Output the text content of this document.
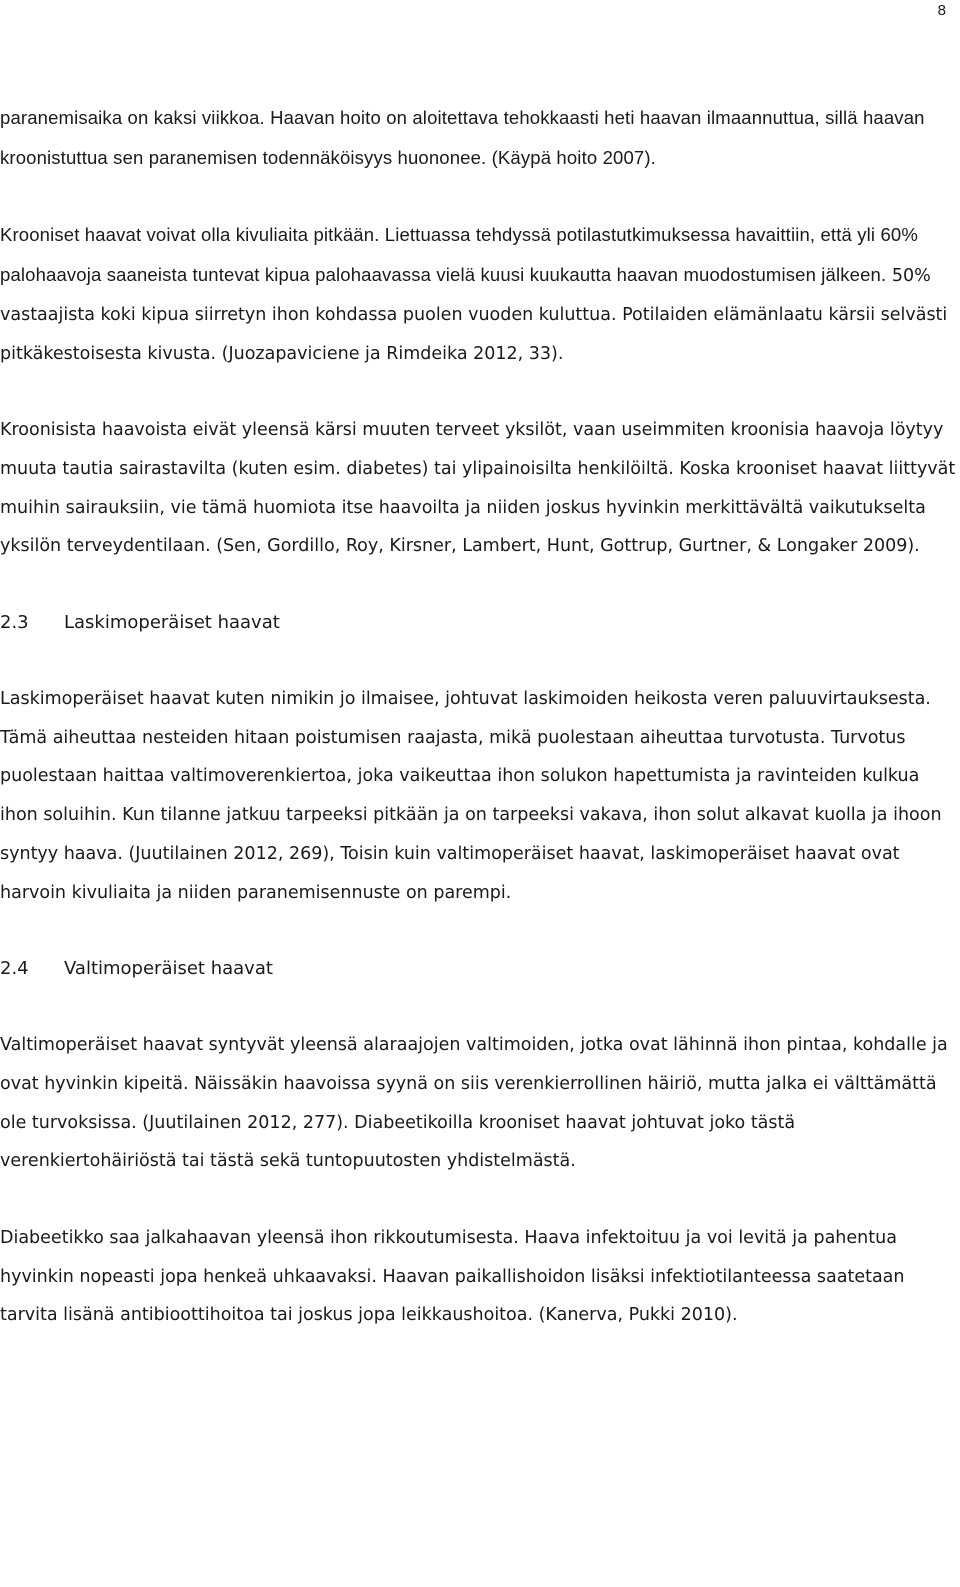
8

paranemisaika on kaksi viikkoa. Haavan hoito on aloitettava tehokkaasti heti haavan ilmaannuttua, sillä haavan kroonistuttua sen paranemisen todennäköisyys huononee. (Käypä hoito 2007).

Krooniset haavat voivat olla kivuliaita pitkään. Liettuassa tehdyssä potilastutkimuksessa havaittiin, että yli 60% palohaavoja saaneista tuntevat kipua palohaavassa vielä kuusi kuukautta haavan muodostumisen jälkeen. 50% vastaajista koki kipua siirretyn ihon kohdassa puolen vuoden kuluttua. Potilaiden elämänlaatu kärsii selvästi pitkäkestoisesta kivusta. (Juozapaviciene ja Rimdeika 2012, 33).

Kroonisista haavoista eivät yleensä kärsi muuten terveet yksilöt, vaan useimmiten kroonisia haavoja löytyy muuta tautia sairastavilta (kuten esim. diabetes) tai ylipainoisilta henkilöiltä. Koska krooniset haavat liittyvät muihin sairauksiin, vie tämä huomiota itse haavoilta ja niiden joskus hyvinkin merkittävältä vaikutukselta yksilön terveydentilaan. (Sen, Gordillo, Roy, Kirsner, Lambert, Hunt, Gottrup, Gurtner, & Longaker 2009).

2.3 Laskimoperäiset haavat

Laskimoperäiset haavat kuten nimikin jo ilmaisee, johtuvat laskimoiden heikosta veren paluuvirtauksesta. Tämä aiheuttaa nesteiden hitaan poistumisen raajasta, mikä puolestaan aiheuttaa turvotusta. Turvotus puolestaan haittaa valtimoverenkiertoa, joka vaikeuttaa ihon solukon hapettumista ja ravinteiden kulkua ihon soluihin. Kun tilanne jatkuu tarpeeksi pitkään ja on tarpeeksi vakava, ihon solut alkavat kuolla ja ihoon syntyy haava. (Juutilainen 2012, 269), Toisin kuin valtimoperäiset haavat, laskimoperäiset haavat ovat harvoin kivuliaita ja niiden paranemisennuste on parempi.

2.4 Valtimoperäiset haavat

Valtimoperäiset haavat syntyvät yleensä alaraajojen valtimoiden, jotka ovat lähinnä ihon pintaa, kohdalle ja ovat hyvinkin kipeitä. Näissäkin haavoissa syynä on siis verenkierrollinen häiriö, mutta jalka ei välttämättä ole turvoksissa. (Juutilainen 2012, 277). Diabeetikoilla krooniset haavat johtuvat joko tästä verenkiertohäiriöstä tai tästä sekä tuntopuutosten yhdistelmästä.

Diabeetikko saa jalkahaavan yleensä ihon rikkoutumisesta. Haava infektoituu ja voi levitä ja pahentua hyvinkin nopeasti jopa henkeä uhkaavaksi. Haavan paikallishoidon lisäksi infektiotilanteessa saatetaan tarvita lisänä antibioottihoitoa tai joskus jopa leikkaushoitoa. (Kanerva, Pukki 2010).
